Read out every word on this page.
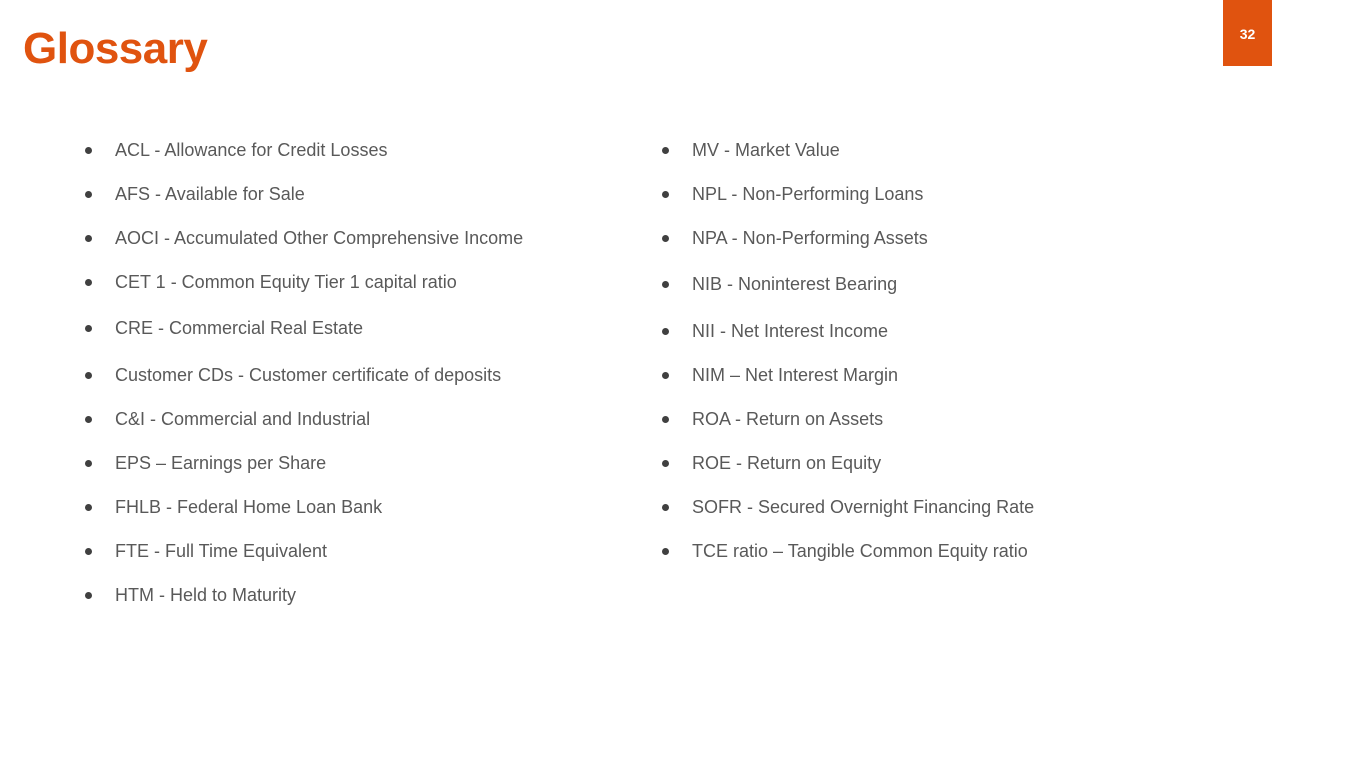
Glossary	32
ACL - Allowance for Credit Losses
AFS - Available for Sale
AOCI - Accumulated Other Comprehensive Income
CET 1 - Common Equity Tier 1 capital ratio
CRE - Commercial Real Estate
Customer CDs - Customer certificate of deposits
C&I - Commercial and Industrial
EPS – Earnings per Share
FHLB - Federal Home Loan Bank
FTE - Full Time Equivalent
HTM - Held to Maturity
MV - Market Value
NPL - Non-Performing Loans
NPA - Non-Performing Assets
NIB - Noninterest Bearing
NII - Net Interest Income
NIM – Net Interest Margin
ROA - Return on Assets
ROE - Return on Equity
SOFR - Secured Overnight Financing Rate
TCE ratio – Tangible Common Equity ratio
